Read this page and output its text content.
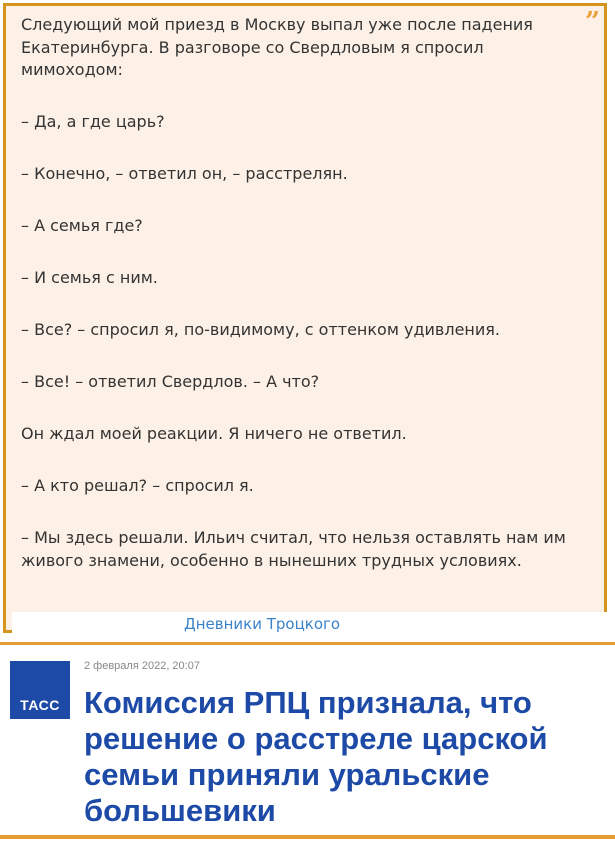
”

Следующий мой приезд в Москву выпал уже после падения Екатеринбурга. В разговоре со Свердловым я спросил мимоходом:

– Да, а где царь?

– Конечно, – ответил он, – расстрелян.

– А семья где?

– И семья с ним.

– Все? – спросил я, по-видимому, с оттенком удивления.

– Все! – ответил Свердлов. – А что?

Он ждал моей реакции. Я ничего не ответил.

– А кто решал? – спросил я.

– Мы здесь решали. Ильич считал, что нельзя оставлять нам им живого знамени, особенно в нынешних трудных условиях.

Дневники Троцкого
ТАСС
2 февраля 2022, 20:07
Комиссия РПЦ признала, что решение о расстреле царской семьи приняли уральские большевики
